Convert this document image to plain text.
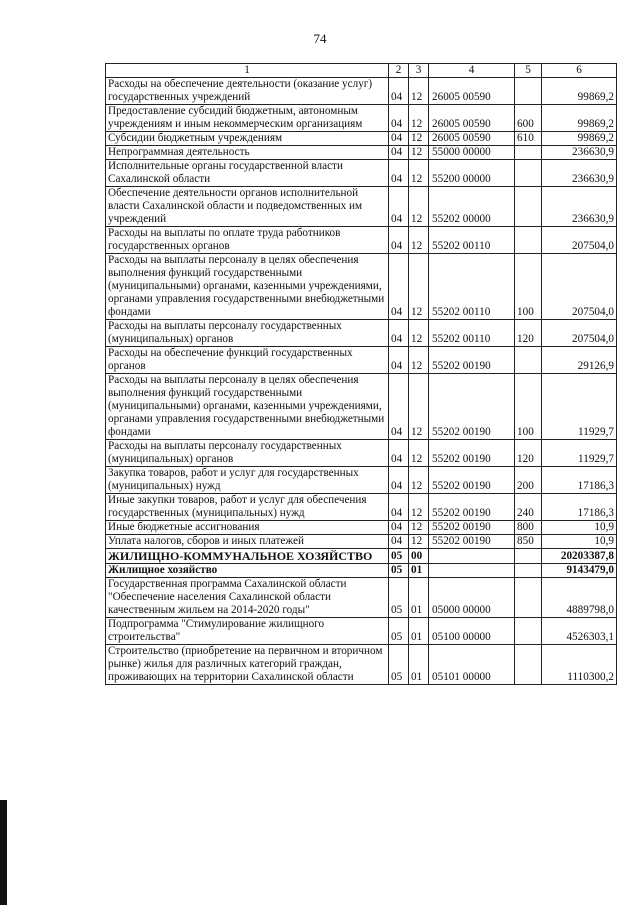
74
1	2	3	4	5	6
Расходы на обеспечение деятельности (оказание услуг) государственных учреждений	04	12	26005 00590		99869,2
Предоставление субсидий бюджетным, автономным учреждениям и иным некоммерческим организациям	04	12	26005 00590	600	99869,2
Субсидии бюджетным учреждениям	04	12	26005 00590	610	99869,2
Непрограммная деятельность	04	12	55000 00000		236630,9
Исполнительные органы государственной власти Сахалинской области	04	12	55200 00000		236630,9
Обеспечение деятельности органов исполнительной власти Сахалинской области и подведомственных им учреждений	04	12	55202 00000		236630,9
Расходы на выплаты по оплате труда работников государственных органов	04	12	55202 00110		207504,0
Расходы на выплаты персоналу в целях обеспечения выполнения функций государственными (муниципальными) органами, казенными учреждениями, органами управления государственными внебюджетными фондами	04	12	55202 00110	100	207504,0
Расходы на выплаты персоналу государственных (муниципальных) органов	04	12	55202 00110	120	207504,0
Расходы на обеспечение функций государственных органов	04	12	55202 00190		29126,9
Расходы на выплаты персоналу в целях обеспечения выполнения функций государственными (муниципальными) органами, казенными учреждениями, органами управления государственными внебюджетными фондами	04	12	55202 00190	100	11929,7
Расходы на выплаты персоналу государственных (муниципальных) органов	04	12	55202 00190	120	11929,7
Закупка товаров, работ и услуг для государственных (муниципальных) нужд	04	12	55202 00190	200	17186,3
Иные закупки товаров, работ и услуг для обеспечения государственных (муниципальных) нужд	04	12	55202 00190	240	17186,3
Иные бюджетные ассигнования	04	12	55202 00190	800	10,9
Уплата налогов, сборов и иных платежей	04	12	55202 00190	850	10,9
ЖИЛИЩНО-КОММУНАЛЬНОЕ ХОЗЯЙСТВО	05	00			20203387,8
Жилищное хозяйство	05	01			9143479,0
Государственная программа Сахалинской области "Обеспечение населения Сахалинской области качественным жильем на 2014-2020 годы"	05	01	05000 00000		4889798,0
Подпрограмма "Стимулирование жилищного строительства"	05	01	05100 00000		4526303,1
Строительство (приобретение на первичном и вторичном рынке) жилья для различных категорий граждан, проживающих на территории Сахалинской области	05	01	05101 00000		1110300,2
